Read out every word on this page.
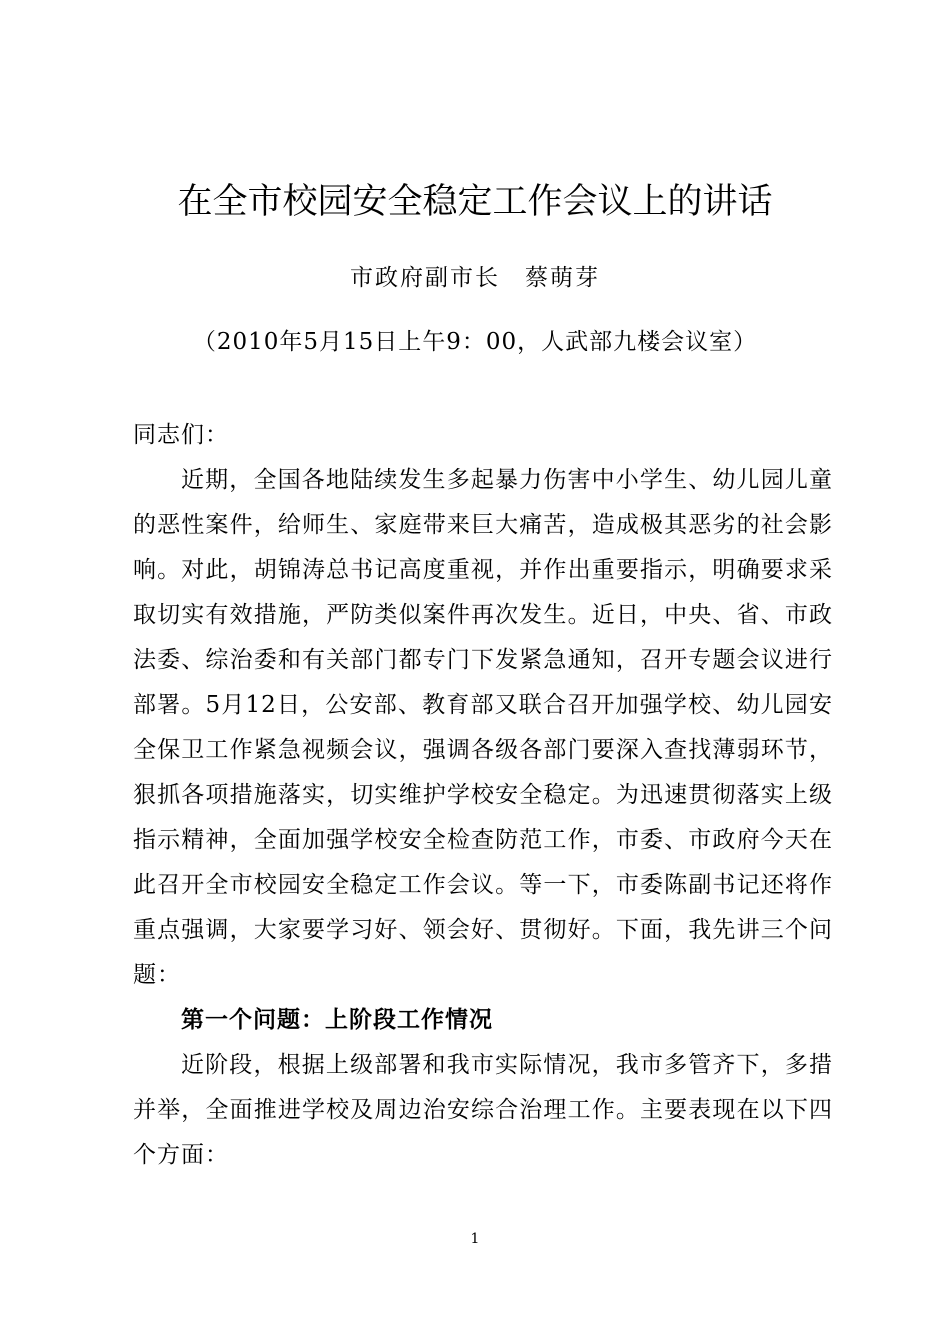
在全市校园安全稳定工作会议上的讲话
市政府副市长　蔡萌芽
（2010年5月15日上午9：00，人武部九楼会议室）

同志们：

近期，全国各地陆续发生多起暴力伤害中小学生、幼儿园儿童的恶性案件，给师生、家庭带来巨大痛苦，造成极其恶劣的社会影响。对此，胡锦涛总书记高度重视，并作出重要指示，明确要求采取切实有效措施，严防类似案件再次发生。近日，中央、省、市政法委、综治委和有关部门都专门下发紧急通知，召开专题会议进行部署。5月12日，公安部、教育部又联合召开加强学校、幼儿园安全保卫工作紧急视频会议，强调各级各部门要深入查找薄弱环节，狠抓各项措施落实，切实维护学校安全稳定。为迅速贯彻落实上级指示精神，全面加强学校安全检查防范工作，市委、市政府今天在此召开全市校园安全稳定工作会议。等一下，市委陈副书记还将作重点强调，大家要学习好、领会好、贯彻好。下面，我先讲三个问题：

第一个问题：上阶段工作情况

近阶段，根据上级部署和我市实际情况，我市多管齐下，多措并举，全面推进学校及周边治安综合治理工作。主要表现在以下四个方面：

1
